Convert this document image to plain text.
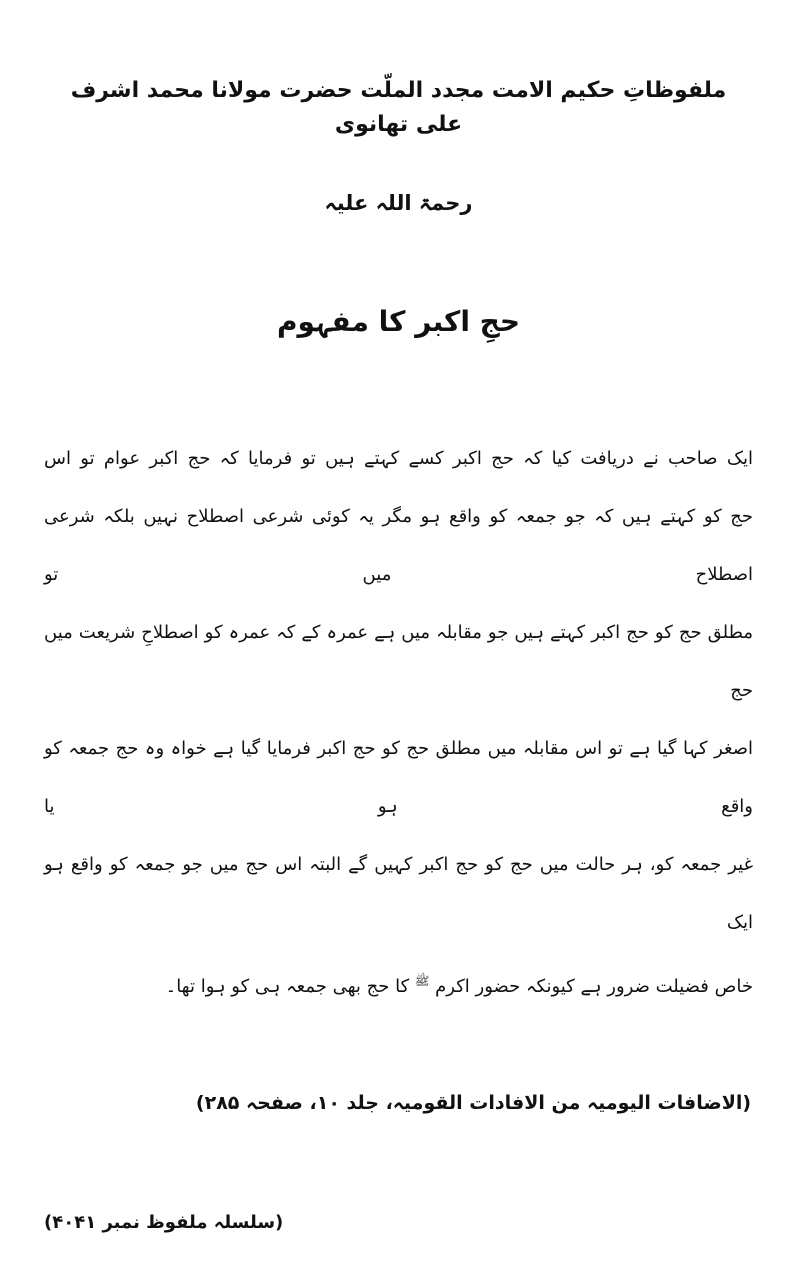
ملفوظاتِ حکیم الامت مجدد الملّت حضرت مولانا محمد اشرف علی تھانوی
رحمۃ اللہ علیہ
حجِ اکبر کا مفہوم
ایک صاحب نے دریافت کیا کہ حج اکبر کسے کہتے ہیں تو فرمایا کہ حج اکبر عوام تو اس
حج کو کہتے ہیں کہ جو جمعہ کو واقع ہو مگر یہ کوئی شرعی اصطلاح نہیں بلکہ شرعی اصطلاح میں تو
مطلق حج کو حج اکبر کہتے ہیں جو مقابلہ میں ہے عمرہ کے کہ عمرہ کو اصطلاحِ شریعت میں حج
اصغر کہا گیا ہے تو اس مقابلہ میں مطلق حج کو حج اکبر فرمایا گیا ہے خواہ وہ حج جمعہ کو واقع ہو یا
غیر جمعہ کو، ہر حالت میں حج کو حج اکبر کہیں گے البتہ اس حج میں جو جمعہ کو واقع ہو ایک
خاص فضیلت ضرور ہے کیونکہ حضور اکرم $^ﷺ$ کا حج بھی جمعہ ہی کو ہوا تھا۔
(الاضافات الیومیہ من الافادات القومیہ، جلد ۱۰، صفحہ ۲۸۵)
(سلسلہ ملفوظ نمبر ۴۰۴۱)
